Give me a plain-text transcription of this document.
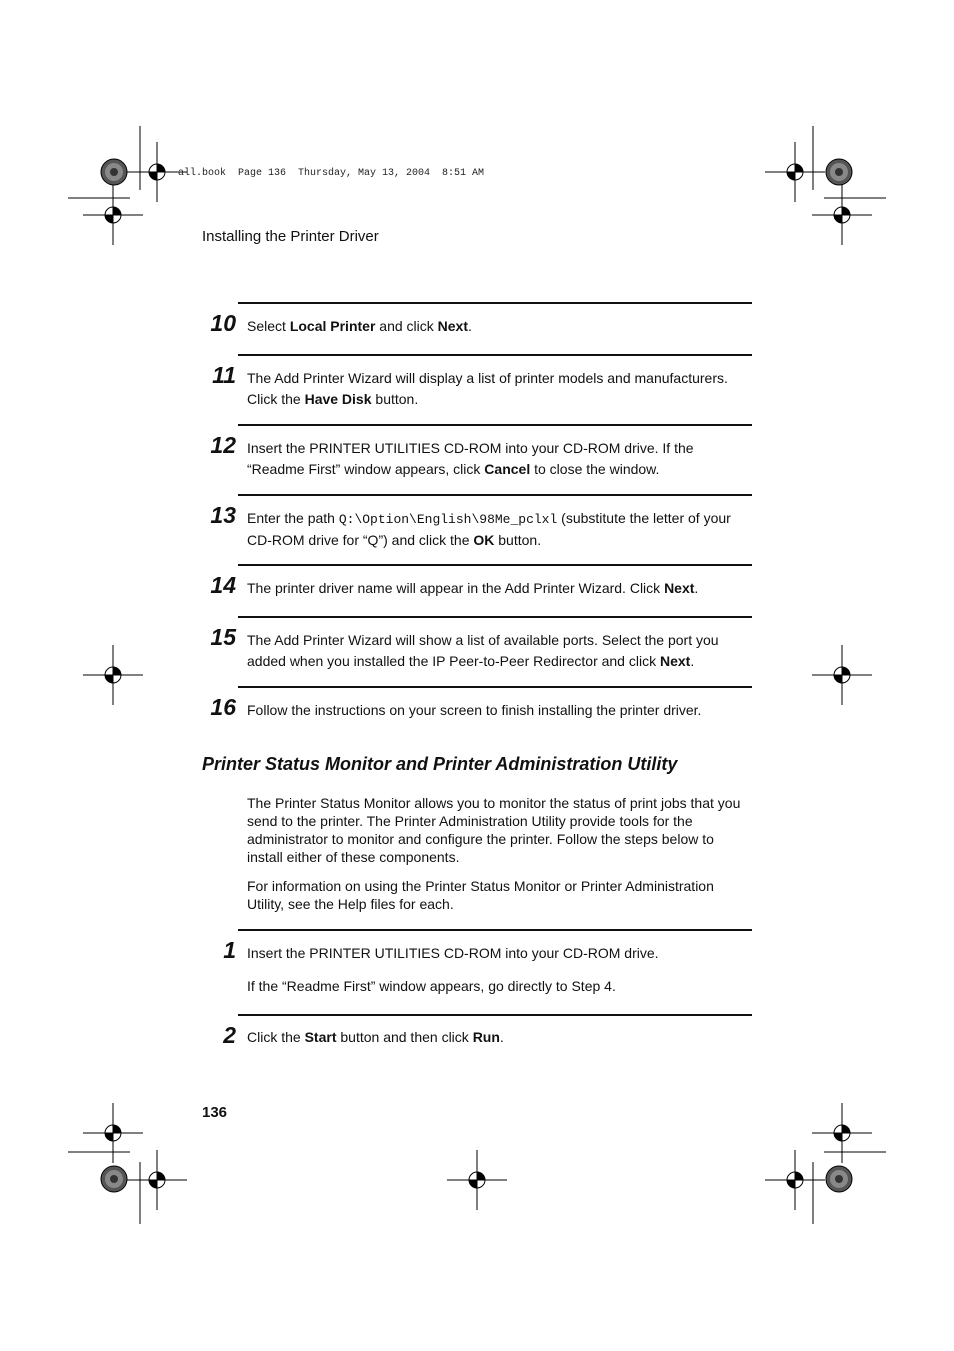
all.book  Page 136  Thursday, May 13, 2004  8:51 AM
Installing the Printer Driver
10 Select Local Printer and click Next.
11 The Add Printer Wizard will display a list of printer models and manufacturers. Click the Have Disk button.
12 Insert the PRINTER UTILITIES CD-ROM into your CD-ROM drive. If the “Readme First” window appears, click Cancel to close the window.
13 Enter the path Q:\Option\English\98Me_pclxl (substitute the letter of your CD-ROM drive for “Q”) and click the OK button.
14 The printer driver name will appear in the Add Printer Wizard. Click Next.
15 The Add Printer Wizard will show a list of available ports. Select the port you added when you installed the IP Peer-to-Peer Redirector and click Next.
16 Follow the instructions on your screen to finish installing the printer driver.
Printer Status Monitor and Printer Administration Utility
The Printer Status Monitor allows you to monitor the status of print jobs that you send to the printer. The Printer Administration Utility provide tools for the administrator to monitor and configure the printer. Follow the steps below to install either of these components.
For information on using the Printer Status Monitor or Printer Administration Utility, see the Help files for each.
1 Insert the PRINTER UTILITIES CD-ROM into your CD-ROM drive.
If the “Readme First” window appears, go directly to Step 4.
2 Click the Start button and then click Run.
136
